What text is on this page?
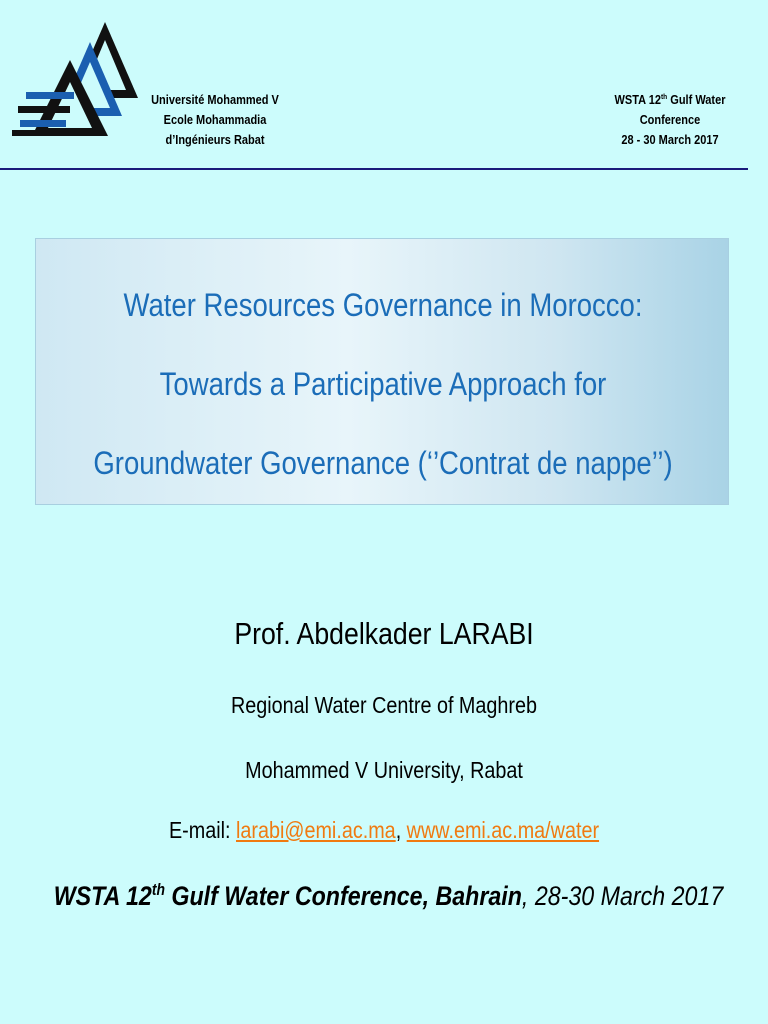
Université Mohammed V
Ecole Mohammadia
d’Ingénieurs Rabat
WSTA 12th Gulf Water
Conference
28 - 30 March 2017
Water Resources Governance in Morocco:
Towards a Participative Approach for
Groundwater Governance (‘’Contrat de nappe’’)
Prof. Abdelkader LARABI
Regional Water Centre of Maghreb
Mohammed V University, Rabat
E-mail: larabi@emi.ac.ma, www.emi.ac.ma/water
WSTA 12th Gulf Water Conference, Bahrain, 28-30 March 2017
